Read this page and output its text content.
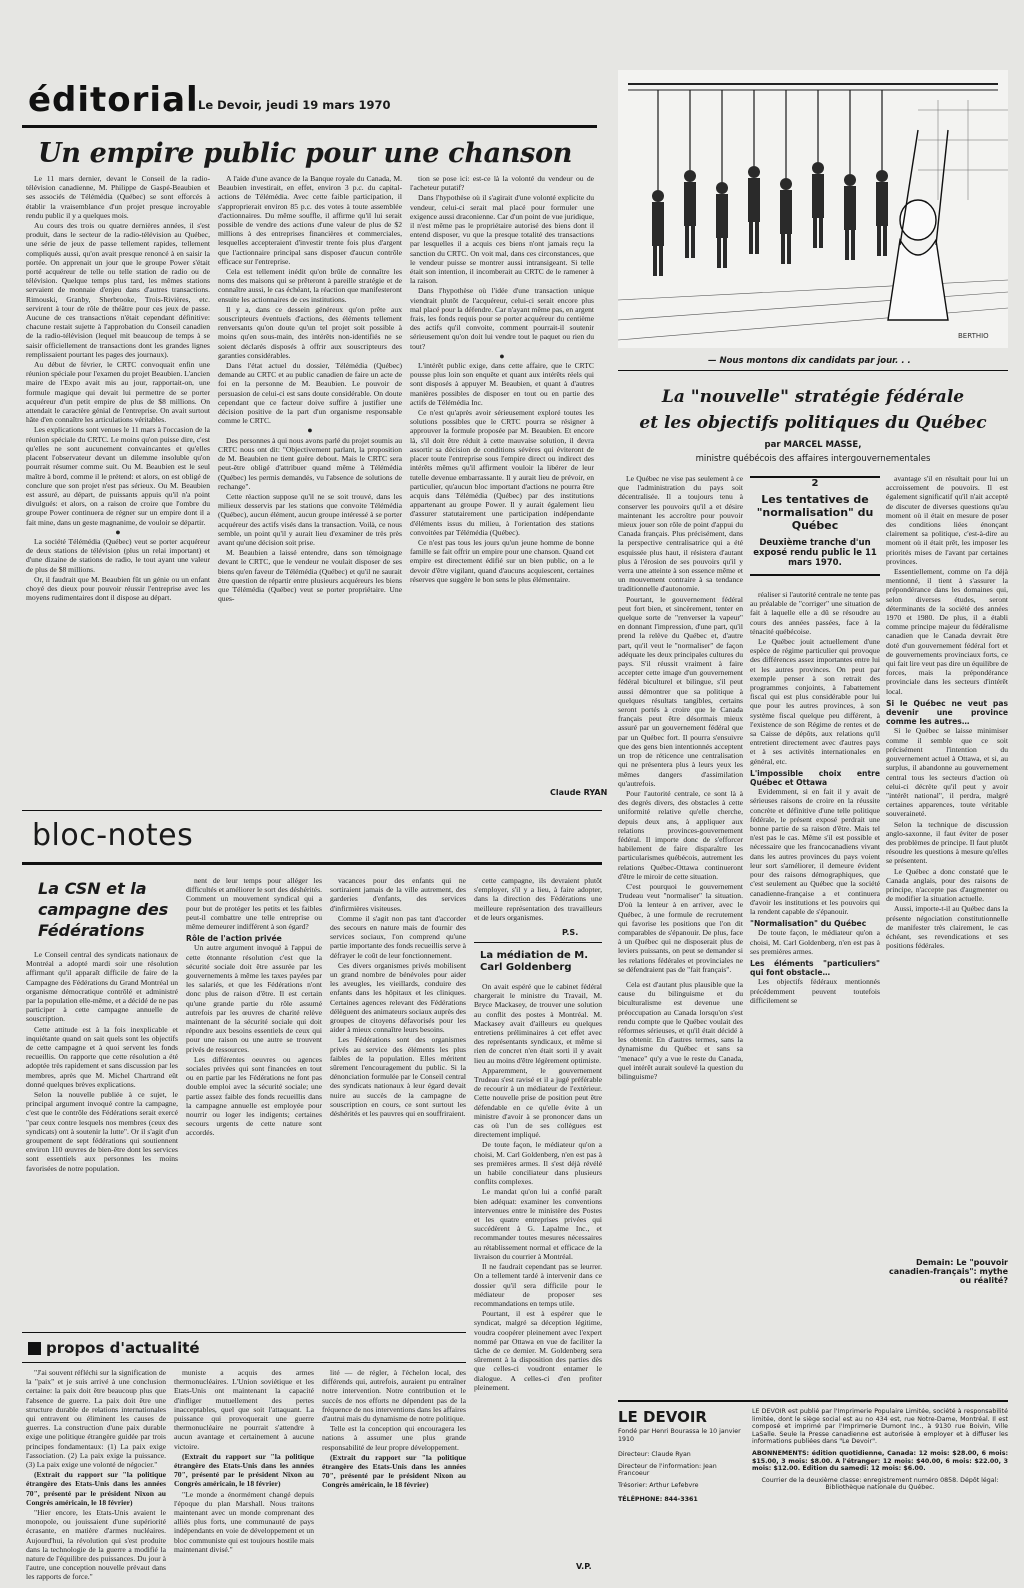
éditorial Le Devoir, jeudi 19 mars 1970
Un empire public pour une chanson

Le 11 mars dernier, devant le Conseil de la radio-télévision canadienne, M. Philippe de Gaspé-Beaubien et ses associés de Télémédia (Québec) se sont efforcés à établir la vraisemblance d'un projet presque incroyable rendu public il y a quelques mois.

Au cours des trois ou quatre dernières années, il s'est produit, dans le secteur de la radio-télévision au Québec, une série de jeux de passe tellement rapides, tellement compliqués aussi, qu'on avait presque renoncé à en saisir la portée. On apprenait un jour que le groupe Power s'était porté acquéreur de telle ou telle station de radio ou de télévision. Quelque temps plus tard, les mêmes stations servaient de monnaie d'enjeu dans d'autres transactions. Rimouski, Granby, Sherbrooke, Trois-Rivières, etc. servirent à tour de rôle de théâtre pour ces jeux de passe. Aucune de ces transactions n'était cependant définitive: chacune restait sujette à l'approbation du Conseil canadien de la radio-télévision (lequel mit beaucoup de temps à se saisir officiellement de transactions dont les grandes lignes remplissaient pourtant les pages des journaux).

Au début de février, le CRTC convoquait enfin une réunion spéciale pour l'examen du projet Beaubien. L'ancien maire de l'Expo avait mis au jour, rapportait-on, une formule magique qui devait lui permettre de se porter acquéreur d'un petit empire de plus de $8 millions. On attendait le caractère génial de l'entreprise. On avait surtout hâte d'en connaître les articulations véritables.

Les explications sont venues le 11 mars à l'occasion de la réunion spéciale du CRTC. Le moins qu'on puisse dire, c'est qu'elles ne sont aucunement convaincantes et qu'elles placent l'observateur devant un dilemme insoluble qu'on pourrait résumer comme suit. Ou M. Beaubien est le seul maître à bord, comme il le prétend: et alors, on est obligé de conclure que son projet n'est pas sérieux. Ou M. Beaubien est assuré, au départ, de puissants appuis qu'il n'a point divulgués: et alors, on a raison de croire que l'ombre du groupe Power continuera de régner sur un empire dont il a fait mine, dans un geste magnanime, de vouloir se départir.

●

La société Télémédia (Québec) veut se porter acquéreur de deux stations de télévision (plus un relai important) et d'une dizaine de stations de radio, le tout ayant une valeur de plus de $8 millions.

Or, il faudrait que M. Beaubien fût un génie ou un enfant choyé des dieux pour pouvoir réussir l'entreprise avec les moyens rudimentaires dont il dispose au départ.

A l'aide d'une avance de la Banque royale du Canada, M. Beaubien investirait, en effet, environ 3 p.c. du capital-actions de Télémédia. Avec cette faible participation, il s'approprierait environ 85 p.c. des votes à toute assemblée d'actionnaires. Du même souffle, il affirme qu'il lui serait possible de vendre des actions d'une valeur de plus de $2 millions à des entreprises financières et commerciales, lesquelles accepteraient d'investir trente fois plus d'argent que l'actionnaire principal sans disposer d'aucun contrôle efficace sur l'entreprise.

Cela est tellement inédit qu'on brûle de connaître les noms des maisons qui se prêteront à pareille stratégie et de connaître aussi, le cas échéant, la réaction que manifesteront ensuite les actionnaires de ces institutions.

Il y a, dans ce dessein généreux qu'on prête aux souscripteurs éventuels d'actions, des éléments tellement renversants qu'on doute qu'un tel projet soit possible à moins qu'en sous-main, des intérêts non-identifiés ne se soient déclarés disposés à offrir aux souscripteurs des garanties considérables.

Dans l'état actuel du dossier, Télémédia (Québec) demande au CRTC et au public canadien de faire un acte de foi en la personne de M. Beaubien. Le pouvoir de persuasion de celui-ci est sans doute considérable. On doute cependant que ce facteur doive suffire à justifier une décision positive de la part d'un organisme responsable comme le CRTC.

●

Des personnes à qui nous avons parlé du projet soumis au CRTC nous ont dit: "Objectivement parlant, la proposition de M. Beaubien ne tient guère debout. Mais le CRTC sera peut-être obligé d'attribuer quand même à Télémédia (Québec) les permis demandés, vu l'absence de solutions de rechange".

Cette réaction suppose qu'il ne se soit trouvé, dans les milieux desservis par les stations que convoite Télémédia (Québec), aucun élément, aucun groupe intéressé à se porter acquéreur des actifs visés dans la transaction. Voilà, ce nous semble, un point qu'il y aurait lieu d'examiner de très près avant qu'une décision soit prise.

M. Beaubien a laissé entendre, dans son témoignage devant le CRTC, que le vendeur ne voulait disposer de ses biens qu'en faveur de Télémédia (Québec) et qu'il ne saurait être question de répartir entre plusieurs acquéreurs les biens que Télémédia (Québec) veut se porter propriétaire. Une ques-

tion se pose ici: est-ce là la volonté du vendeur ou de l'acheteur putatif?

Dans l'hypothèse où il s'agirait d'une volonté explicite du vendeur, celui-ci serait mal placé pour formuler une exigence aussi draconienne. Car d'un point de vue juridique, il n'est même pas le propriétaire autorisé des biens dont il entend disposer, vu que la presque totalité des transactions par lesquelles il a acquis ces biens n'ont jamais reçu la sanction du CRTC. On voit mal, dans ces circonstances, que le vendeur puisse se montrer aussi intransigeant. Si telle était son intention, il incomberait au CRTC de le ramener à la raison.

Dans l'hypothèse où l'idée d'une transaction unique viendrait plutôt de l'acquéreur, celui-ci serait encore plus mal placé pour la défendre. Car n'ayant même pas, en argent frais, les fonds requis pour se porter acquéreur du centième des actifs qu'il convoite, comment pourrait-il soutenir sérieusement qu'on doit lui vendre tout le paquet ou rien du tout?

●

L'intérêt public exige, dans cette affaire, que le CRTC pousse plus loin son enquête et quant aux intérêts réels qui sont disposés à appuyer M. Beaubien, et quant à d'autres manières possibles de disposer en tout ou en partie des actifs de Télémédia Inc.

Ce n'est qu'après avoir sérieusement exploré toutes les solutions possibles que le CRTC pourra se résigner à approuver la formule proposée par M. Beaubien. Et encore là, s'il doit être réduit à cette mauvaise solution, il devra assortir sa décision de conditions sévères qui éviteront de placer toute l'entreprise sous l'empire direct ou indirect des intérêts mêmes qu'il affirment vouloir la libérer de leur tutelle devenue embarrassante. Il y aurait lieu de prévoir, en particulier, qu'aucun bloc important d'actions ne pourra être acquis dans Télémédia (Québec) par des institutions appartenant au groupe Power. Il y aurait également lieu d'assurer statutairement une participation indépendante d'éléments issus du milieu, à l'orientation des stations convoitées par Télémédia (Québec).

Ce n'est pas tous les jours qu'un jeune homme de bonne famille se fait offrir un empire pour une chanson. Quand cet empire est directement édifié sur un bien public, on a le devoir d'être vigilant, quand d'aucuns acquiescent, certaines réserves que suggère le bon sens le plus élémentaire.

Claude RYAN
BERTHIO
— Nous montons dix candidats par jour. . .
La "nouvelle" stratégie fédérale
et les objectifs politiques du Québec
par MARCEL MASSE,
ministre québécois des affaires intergouvernementales

Le Québec ne vise pas seulement à ce que l'administration du pays soit décentralisée. Il a toujours tenu à conserver les pouvoirs qu'il a et désire maintenant les accroître pour pouvoir mieux jouer son rôle de point d'appui du Canada français. Plus précisément, dans la perspective centralisatrice qui a été esquissée plus haut, il résistera d'autant plus à l'érosion de ses pouvoirs qu'il y verra une atteinte à son essence même et un mouvement contraire à sa tendance traditionnelle d'autonomie.

Pourtant, le gouvernement fédéral peut fort bien, et sincèrement, tenter en quelque sorte de "renverser la vapeur" en donnant l'impression, d'une part, qu'il prend la relève du Québec et, d'autre part, qu'il veut le "normaliser" de façon adéquate les deux principales cultures du pays. S'il réussit vraiment à faire accepter cette image d'un gouvernement fédéral biculturel et bilingue, s'il peut aussi démontrer que sa politique à quelques résultats tangibles, certains seront portés à croire que le Canada français peut être désormais mieux assuré par un gouvernement fédéral que par un Québec fort. Il pourra s'ensuivre que des gens bien intentionnés acceptent un trop de réticence une centralisation qui ne présentera plus à leurs yeux les mêmes dangers d'assimilation qu'autrefois.

Pour l'autorité centrale, ce sont là à des degrés divers, des obstacles à cette uniformité relative qu'elle cherche, depuis deux ans, à appliquer aux relations provinces-gouvernement fédéral. Il importe donc de s'efforcer habilement de faire disparaître les particularismes québécois, autrement les relations Québec-Ottawa continueront d'être le miroir de cette situation.

C'est pourquoi le gouvernement Trudeau veut "normaliser" la situation. D'où la lenteur à en arriver, avec le Québec, à une formule de recrutement qui favorise les positions que l'on dit comparables de s'épanouir. De plus, face à un Québec qui ne disposerait plus de leviers puissants, on peut se demander si les relations fédérales et provinciales ne se défendraient pas de "fait français".

Cela est d'autant plus plausible que la cause du bilinguisme et du biculturalisme est devenue une préoccupation au Canada lorsqu'on s'est rendu compte que le Québec voulait des réformes sérieuses, et qu'il était décidé à les obtenir. En d'autres termes, sans la dynamisme du Québec et sans sa "menace" qu'y a vue le reste du Canada, quel intérêt aurait soulevé la question du bilinguisme?

2
Les tentatives de "normalisation" du Québec

Deuxième tranche d'un exposé rendu public le 11 mars 1970.

réaliser si l'autorité centrale ne tente pas au préalable de "corriger" une situation de fait à laquelle elle a dû se résoudre au cours des années passées, face à la ténacité québécoise.

Le Québec jouit actuellement d'une espèce de régime particulier qui provoque des différences assez importantes entre lui et les autres provinces. On peut par exemple penser à son retrait des programmes conjoints, à l'abattement fiscal qui est plus considérable pour lui que pour les autres provinces, à son système fiscal quelque peu différent, à l'existence de son Régime de rentes et de sa Caisse de dépôts, aux relations qu'il entretient directement avec d'autres pays et à ses activités internationales en général, etc.

L'impossible choix entre Québec et Ottawa

Evidemment, si en fait il y avait de sérieuses raisons de croire en la réussite concrète et définitive d'une telle politique fédérale, le présent exposé perdrait une bonne partie de sa raison d'être. Mais tel n'est pas le cas. Même s'il est possible et nécessaire que les francocanadiens vivant dans les autres provinces du pays voient leur sort s'améliorer, il demeure évident pour des raisons démographiques, que c'est seulement au Québec que la société canadienne-française a et continuera d'avoir les institutions et les pouvoirs qui la rendent capable de s'épanouir.

"Normalisation" du Québec

De toute façon, le médiateur qu'on a choisi, M. Carl Goldenberg, n'en est pas à ses premières armes.

Les éléments "particuliers" qui font obstacle…

Les objectifs fédéraux mentionnés précédemment peuvent toutefois difficilement se

avantage s'il en résultait pour lui un accroissement de pouvoirs. Il est également significatif qu'il n'ait accepté de discuter de diverses questions qu'au moment où il était en mesure de poser des conditions liées énonçant clairement sa politique, c'est-à-dire au moment où il était prêt, les imposer les priorités mises de l'avant par certaines provinces.

Essentiellement, comme on l'a déjà mentionné, il tient à s'assurer la prépondérance dans les domaines qui, selon diverses études, seront déterminants de la société des années 1970 et 1980. De plus, il a établi comme principe majeur du fédéralisme canadien que le Canada devrait être doté d'un gouvernement fédéral fort et de gouvernements provinciaux forts, ce qui fait lire veut pas dire un équilibre de forces, mais la prépondérance provinciale dans les secteurs d'intérêt local.

Si le Québec ne veut pas devenir une province comme les autres…

Si le Québec se laisse minimiser comme il semble que ce soit précisément l'intention du gouvernement actuel à Ottawa, et si, au surplus, il abandonne au gouvernement central tous les secteurs d'action où celui-ci décrète qu'il peut y avoir "intérêt national", il perdra, malgré certaines apparences, toute véritable souveraineté.

Selon la technique de discussion anglo-saxonne, il faut éviter de poser des problèmes de principe. Il faut plutôt résoudre les questions à mesure qu'elles se présentent.

Le Québec a donc constaté que le Canada anglais, pour des raisons de principe, n'accepte pas d'augmenter ou de modifier la situation actuelle.

Aussi, importe-t-il au Québec dans la présente négociation constitutionnelle de manifester très clairement, le cas échéant, ses revendications et ses positions fédérales.

Demain: Le "pouvoir canadien-français": mythe ou réalité?
bloc-notes
La CSN et la campagne des Fédérations

Le Conseil central des syndicats nationaux de Montréal a adopté mardi soir une résolution affirmant qu'il apparaît difficile de faire de la Campagne des Fédérations du Grand Montréal un organisme démocratique contrôlé et administré par la population elle-même, et a décidé de ne pas participer à cette campagne annuelle de souscription.

Cette attitude est à la fois inexplicable et inquiétante quand on sait quels sont les objectifs de cette campagne et à quoi servent les fonds recueillis. On rapporte que cette résolution a été adoptée très rapidement et sans discussion par les membres, après que M. Michel Chartrand eût donné quelques brèves explications.

Selon la nouvelle publiée à ce sujet, le principal argument invoqué contre la campagne, c'est que le contrôle des Fédérations serait exercé "par ceux contre lesquels nos membres (ceux des syndicats) ont à soutenir la lutte". Or il s'agit d'un groupement de sept fédérations qui soutiennent environ 110 œuvres de bien-être dont les services sont essentiels aux personnes les moins favorisées de notre population.

nent de leur temps pour alléger les difficultés et améliorer le sort des déshérités. Comment un mouvement syndical qui a pour but de protéger les petits et les faibles peut-il combattre une telle entreprise ou même demeurer indifférent à son égard?

Rôle de l'action privée

Un autre argument invoqué à l'appui de cette étonnante résolution c'est que la sécurité sociale doit être assurée par les gouvernements à même les taxes payées par les salariés, et que les Fédérations n'ont donc plus de raison d'être. Il est certain qu'une grande partie du rôle assumé autrefois par les œuvres de charité relève maintenant de la sécurité sociale qui doit répondre aux besoins essentiels de ceux qui pour une raison ou une autre se trouvent privés de ressources.

Les différentes oeuvres ou agences sociales privées qui sont financées en tout ou en partie par les Fédérations ne font pas double emploi avec la sécurité sociale; une partie assez faible des fonds recueillis dans la campagne annuelle est employée pour nourrir ou loger les indigents; certaines secours urgents de cette nature sont accordés.

vacances pour des enfants qui ne sortiraient jamais de la ville autrement, des garderies d'enfants, des services d'infirmières visiteuses.

Comme il s'agit non pas tant d'accorder des secours en nature mais de fournir des services sociaux, l'on comprend qu'une partie importante des fonds recueillis serve à défrayer le coût de leur fonctionnement.

Ces divers organismes privés mobilisent un grand nombre de bénévoles pour aider les aveugles, les vieillards, conduire des enfants dans les hôpitaux et les cliniques. Certaines agences relevant des Fédérations délèguent des animateurs sociaux auprès des groupes de citoyens défavorisés pour les aider à mieux connaître leurs besoins.

Les Fédérations sont des organismes privés au service des éléments les plus faibles de la population. Elles méritent sûrement l'encouragement du public. Si la dénonciation formulée par le Conseil central des syndicats nationaux à leur égard devait nuire au succès de la campagne de souscription en cours, ce sont surtout les déshérités et les pauvres qui en souffriraient.

cette campagne, ils devraient plutôt s'employer, s'il y a lieu, à faire adopter, dans la direction des Fédérations une meilleure représentation des travailleurs et de leurs organismes.

P.S.
La médiation de M. Carl Goldenberg

On avait espéré que le cabinet fédéral chargerait le ministre du Travail, M. Bryce Mackasey, de trouver une solution au conflit des postes à Montréal. M. Mackasey avait d'ailleurs eu quelques entretiens préliminaires à cet effet avec des représentants syndicaux, et même si rien de concret n'en était sorti il y avait lieu au moins d'être légèrement optimiste.

Apparemment, le gouvernement Trudeau s'est ravisé et il a jugé préférable de recourir à un médiateur de l'extérieur. Cette nouvelle prise de position peut être défendable en ce qu'elle évite à un ministre d'avoir à se prononcer dans un cas où l'un de ses collègues est directement impliqué.

De toute façon, le médiateur qu'on a choisi, M. Carl Goldenberg, n'en est pas à ses premières armes. Il s'est déjà révélé un habile conciliateur dans plusieurs conflits complexes.

Le mandat qu'on lui a confié paraît bien adéquat: examiner les conventions intervenues entre le ministère des Postes et les quatre entreprises privées qui succédèrent à G. Lapalme Inc., et recommander toutes mesures nécessaires au rétablissement normal et efficace de la livraison du courrier à Montréal.

Il ne faudrait cependant pas se leurrer. On a tellement tardé à intervenir dans ce dossier qu'il sera difficile pour le médiateur de proposer ses recommandations en temps utile.

Pourtant, il est à espérer que le syndicat, malgré sa déception légitime, voudra coopérer pleinement avec l'expert nommé par Ottawa en vue de faciliter la tâche de ce dernier. M. Goldenberg sera sûrement à la disposition des parties dès que celles-ci voudront entamer le dialogue. A celles-ci d'en profiter pleinement.

V.P.
propos d'actualité

"J'ai souvent réfléchi sur la signification de la "paix" et je suis arrivé à une conclusion certaine: la paix doit être beaucoup plus que l'absence de guerre. La paix doit être une structure durable de relations internationales qui entravent ou éliminent les causes de guerres. La construction d'une paix durable exige une politique étrangère guidée par trois principes fondamentaux: (1) La paix exige l'association. (2) La paix exige la puissance. (3) La paix exige une volonté de négocier."

(Extrait du rapport sur "la politique étrangère des Etats-Unis dans les années 70", présenté par le président Nixon au Congrès américain, le 18 février)

"Hier encore, les Etats-Unis avaient le monopole, ou jouissaient d'une supériorité écrasante, en matière d'armes nucléaires. Aujourd'hui, la révolution qui s'est produite dans la technologie de la guerre a modifié la nature de l'équilibre des puissances. Du jour à l'autre, une conception nouvelle prévaut dans les rapports de force."

muniste a acquis des armes thermonucléaires. L'Union soviétique et les Etats-Unis ont maintenant la capacité d'infliger mutuellement des pertes inacceptables, quel que soit l'attaquant. La puissance qui provoquerait une guerre thermonucléaire ne pourrait s'attendre à aucun avantage et certainement à aucune victoire.

(Extrait du rapport sur "la politique étrangère des Etats-Unis dans les années 70", présenté par le président Nixon au Congrès américain, le 18 février)

"Le monde a énormément changé depuis l'époque du plan Marshall. Nous traitons maintenant avec un monde comprenant des alliés plus forts, une communauté de pays indépendants en voie de développement et un bloc communiste qui est toujours hostile mais maintenant divisé."

lité — de régler, à l'échelon local, des différends qui, autrefois, auraient pu entraîner notre intervention. Notre contribution et le succès de nos efforts ne dépendent pas de la fréquence de nos interventions dans les affaires d'autrui mais du dynamisme de notre politique.

Telle est la conception qui encouragera les nations à assumer une plus grande responsabilité de leur propre développement.

(Extrait du rapport sur "la politique étrangère des Etats-Unis dans les années 70", présenté par le président Nixon au Congrès américain, le 18 février)

LE DEVOIR
Fondé par Henri Bourassa le 10 janvier 1910
Directeur: Claude Ryan
Directeur de l'information: Jean Francoeur
Trésorier: Arthur Lefebvre
TÉLÉPHONE: 844-3361
LE DEVOIR est publié par l'Imprimerie Populaire Limitée, société à responsabilité limitée, dont le siège social est au no 434 est, rue Notre-Dame, Montréal. Il est composé et imprimé par l'Imprimerie Dumont Inc., à 9130 rue Boivin, Ville LaSalle. Seule la Presse canadienne est autorisée à employer et à diffuser les informations publiées dans "Le Devoir".
ABONNEMENTS: édition quotidienne, Canada: 12 mois: $28.00, 6 mois: $15.00, 3 mois: $8.00. A l'étranger: 12 mois: $40.00, 6 mois: $22.00, 3 mois: $12.00. Edition du samedi: 12 mois: $6.00.
Courrier de la deuxième classe: enregistrement numéro 0858. Dépôt légal: Bibliothèque nationale du Québec.
